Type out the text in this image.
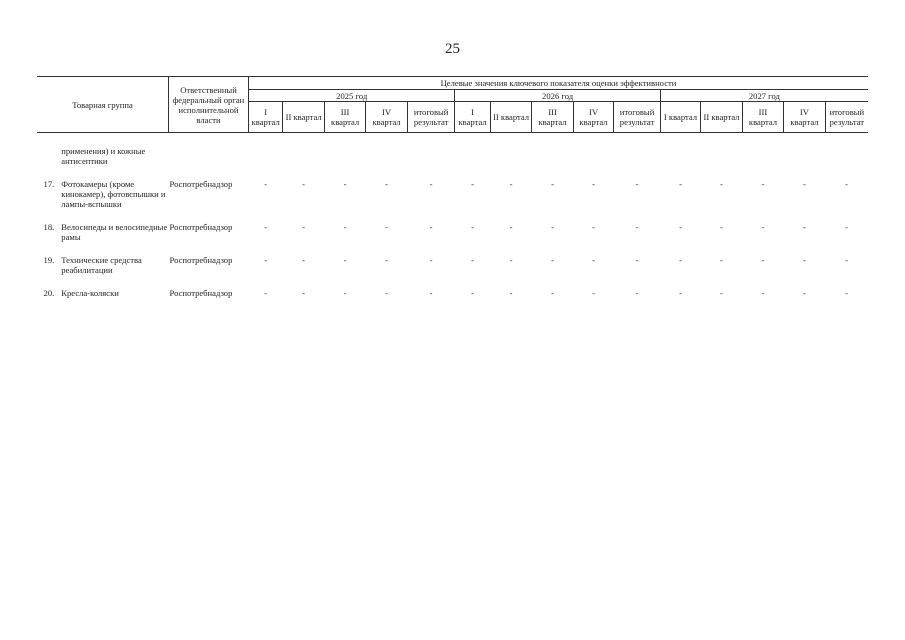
25
Товарная группа		Ответственный федеральный орган исполнительной власти	Целевые значения ключевого показателя оценки эффективности														
			2025 год					2026 год					2027 год				
			I квартал	II квартал	III квартал	IV квартал	итоговый результат	I квартал	II квартал	III квартал	IV квартал	итоговый результат	I квартал	II квартал	III квартал	IV квартал	итоговый результат

	применения) и кожные антисептики																

17.	Фотокамеры (кроме кинокамер), фотовспышки и лампы-вспышки	Роспотребнадзор	-	-	-	-	-	-	-	-	-	-	-	-	-	-	-

18.	Велосипеды и велосипедные рамы	Роспотребнадзор	-	-	-	-	-	-	-	-	-	-	-	-	-	-	-

19.	Технические средства реабилитации	Роспотребнадзор	-	-	-	-	-	-	-	-	-	-	-	-	-	-	-

20.	Кресла-коляски	Роспотребнадзор	-	-	-	-	-	-	-	-	-	-	-	-	-	-	-
